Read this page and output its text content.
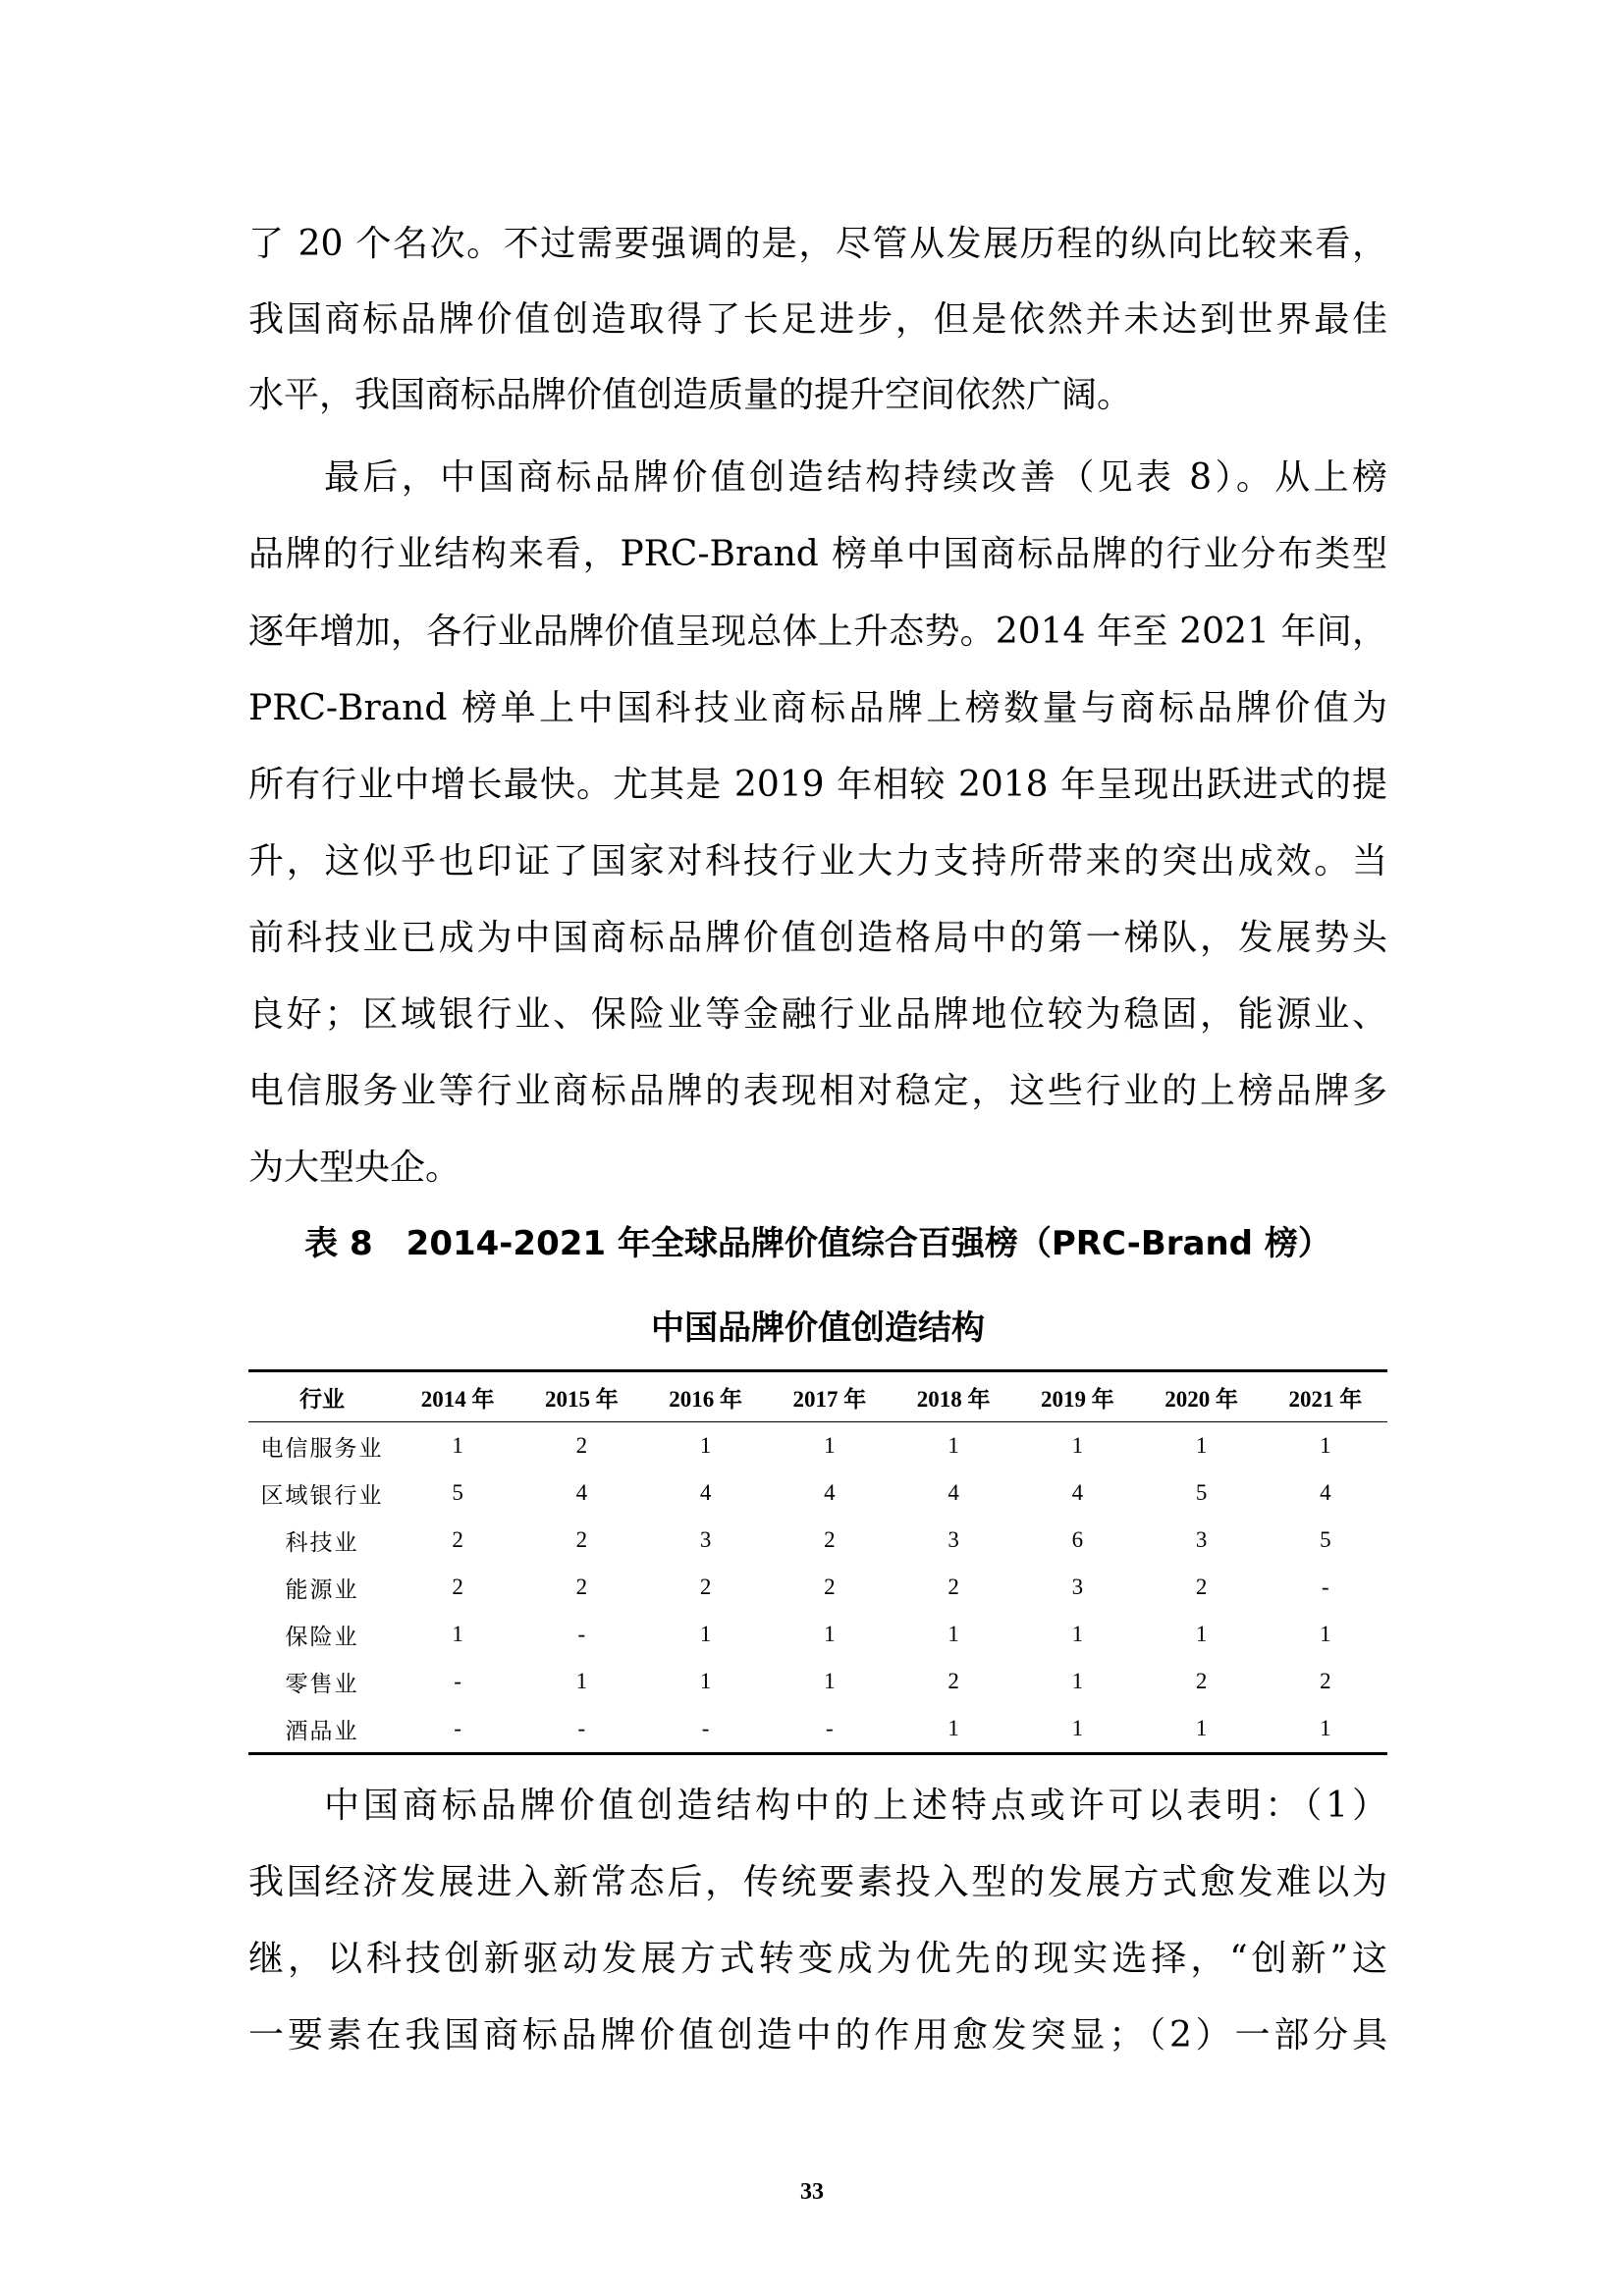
了 20 个名次。不过需要强调的是，尽管从发展历程的纵向比较来看，
我国商标品牌价值创造取得了长足进步，但是依然并未达到世界最佳
水平，我国商标品牌价值创造质量的提升空间依然广阔。
最后，中国商标品牌价值创造结构持续改善（见表 8）。从上榜
品牌的行业结构来看，PRC-Brand 榜单中国商标品牌的行业分布类型
逐年增加，各行业品牌价值呈现总体上升态势。2014 年至 2021 年间，
PRC-Brand 榜单上中国科技业商标品牌上榜数量与商标品牌价值为
所有行业中增长最快。尤其是 2019 年相较 2018 年呈现出跃进式的提
升，这似乎也印证了国家对科技行业大力支持所带来的突出成效。当
前科技业已成为中国商标品牌价值创造格局中的第一梯队，发展势头
良好；区域银行业、保险业等金融行业品牌地位较为稳固，能源业、
电信服务业等行业商标品牌的表现相对稳定，这些行业的上榜品牌多
为大型央企。
表 8　2014-2021 年全球品牌价值综合百强榜（PRC-Brand 榜）
中国品牌价值创造结构
行业	2014 年	2015 年	2016 年	2017 年	2018 年	2019 年	2020 年	2021 年
电信服务业	1	2	1	1	1	1	1	1
区域银行业	5	4	4	4	4	4	5	4
科技业	2	2	3	2	3	6	3	5
能源业	2	2	2	2	2	3	2	-
保险业	1	-	1	1	1	1	1	1
零售业	-	1	1	1	2	1	2	2
酒品业	-	-	-	-	1	1	1	1
中国商标品牌价值创造结构中的上述特点或许可以表明：（1）
我国经济发展进入新常态后，传统要素投入型的发展方式愈发难以为
继，以科技创新驱动发展方式转变成为优先的现实选择，“创新”这
一要素在我国商标品牌价值创造中的作用愈发突显；（2）一部分具
33
